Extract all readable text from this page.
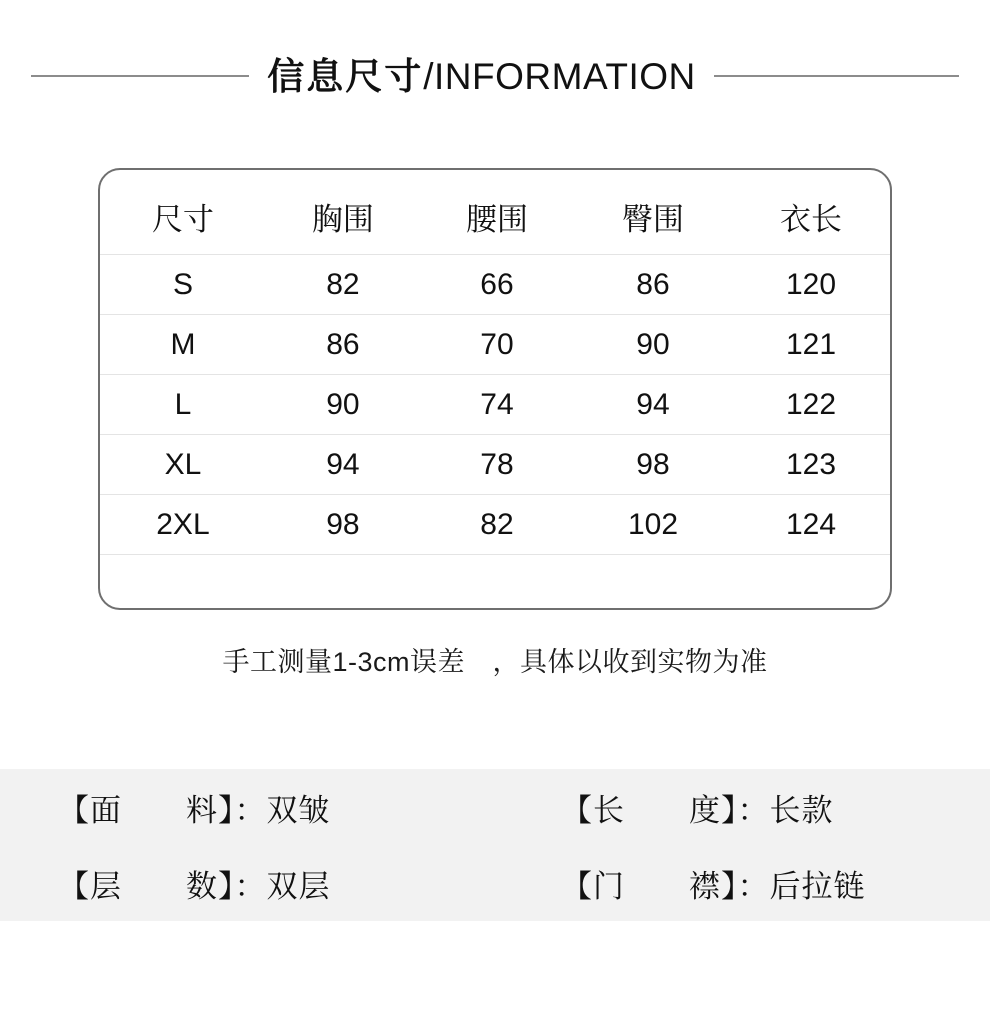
信息尺寸/INFORMATION
尺寸	胸围	腰围	臀围	衣长
S	82	66	86	120
M	86	70	90	121
L	90	74	94	122
XL	94	78	98	123
2XL	98	82	102	124
手工测量1-3cm误差　，具体以收到实物为准
【面　　料】：双皱	【长　　度】：长款
【层　　数】：双层	【门　　襟】：后拉链
